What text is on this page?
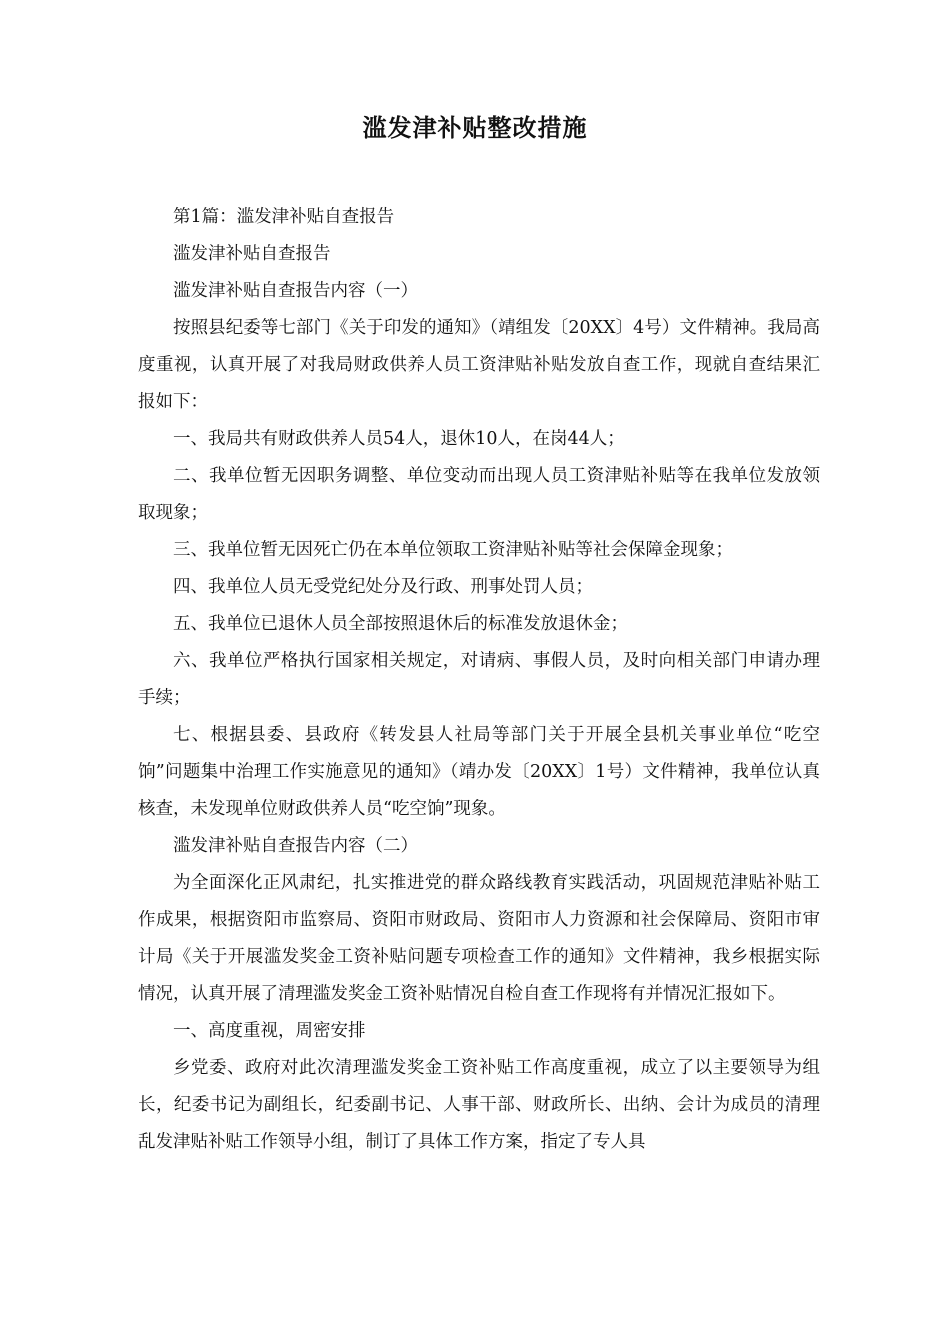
滥发津补贴整改措施

第1篇：滥发津补贴自查报告

滥发津补贴自查报告

滥发津补贴自查报告内容（一）

按照县纪委等七部门《关于印发的通知》（靖组发〔20XX〕4号）文件精神。我局高度重视，认真开展了对我局财政供养人员工资津贴补贴发放自查工作，现就自查结果汇报如下：

一、我局共有财政供养人员54人，退休10人，在岗44人；

二、我单位暂无因职务调整、单位变动而出现人员工资津贴补贴等在我单位发放领取现象；

三、我单位暂无因死亡仍在本单位领取工资津贴补贴等社会保障金现象；

四、我单位人员无受党纪处分及行政、刑事处罚人员；

五、我单位已退休人员全部按照退休后的标准发放退休金；

六、我单位严格执行国家相关规定，对请病、事假人员，及时向相关部门申请办理手续；

七、根据县委、县政府《转发县人社局等部门关于开展全县机关事业单位“吃空饷”问题集中治理工作实施意见的通知》（靖办发〔20XX〕1号）文件精神，我单位认真核查，未发现单位财政供养人员“吃空饷”现象。

滥发津补贴自查报告内容（二）

为全面深化正风肃纪，扎实推进党的群众路线教育实践活动，巩固规范津贴补贴工作成果，根据资阳市监察局、资阳市财政局、资阳市人力资源和社会保障局、资阳市审计局《关于开展滥发奖金工资补贴问题专项检查工作的通知》文件精神，我乡根据实际情况，认真开展了清理滥发奖金工资补贴情况自检自查工作现将有并情况汇报如下。

一、高度重视，周密安排

乡党委、政府对此次清理滥发奖金工资补贴工作高度重视，成立了以主要领导为组长，纪委书记为副组长，纪委副书记、人事干部、财政所长、出纳、会计为成员的清理乱发津贴补贴工作领导小组，制订了具体工作方案，指定了专人具
